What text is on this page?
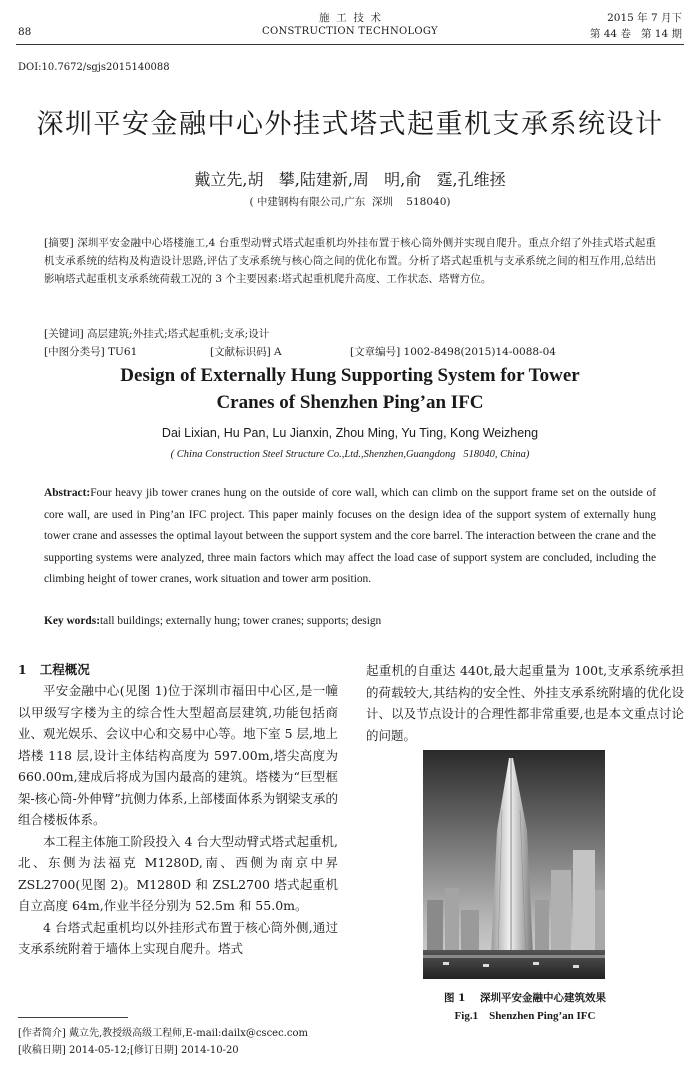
88
施  工  技  术
CONSTRUCTION TECHNOLOGY
2015 年 7 月下
第 44 卷   第 14 期
DOI:10.7672/sgjs2015140088
深圳平安金融中心外挂式塔式起重机支承系统设计
戴立先,胡   攀,陆建新,周   明,俞   霆,孔维拯
( 中建钢构有限公司,广东  深圳    518040)
[摘要] 深圳平安金融中心塔楼施工,4 台重型动臂式塔式起重机均外挂布置于核心筒外侧并实现自爬升。重点介绍了外挂式塔式起重机支承系统的结构及构造设计思路,评估了支承系统与核心筒之间的优化布置。分析了塔式起重机与支承系统之间的相互作用,总结出影响塔式起重机支承系统荷载工况的 3 个主要因素:塔式起重机爬升高度、工作状态、塔臂方位。
[关键词] 高层建筑;外挂式;塔式起重机;支承;设计
[中图分类号] TU61	[文献标识码] A	[文章编号] 1002-8498(2015)14-0088-04
Design of Externally Hung Supporting System for Tower
Cranes of Shenzhen Ping’an IFC
Dai Lixian, Hu Pan, Lu Jianxin, Zhou Ming, Yu Ting, Kong Weizheng
( China Construction Steel Structure Co.,Ltd.,Shenzhen,Guangdong   518040, China)
Abstract:Four heavy jib tower cranes hung on the outside of core wall, which can climb on the support frame set on the outside of core wall, are used in Ping’an IFC project. This paper mainly focuses on the design idea of the support system of externally hung tower crane and assesses the optimal layout between the support system and the core barrel. The interaction between the crane and the supporting systems were analyzed, three main factors which may affect the load case of support system are concluded, including the climbing height of tower cranes, work situation and tower arm position.
Key words:tall buildings; externally hung; tower cranes; supports; design
1   工程概况

平安金融中心(见图 1)位于深圳市福田中心区,是一幢以甲级写字楼为主的综合性大型超高层建筑,功能包括商业、观光娱乐、会议中心和交易中心等。地下室 5 层,地上塔楼 118 层,设计主体结构高度为 597.00m,塔尖高度为 660.00m,建成后将成为国内最高的建筑。塔楼为“巨型框架-核心筒-外伸臂”抗侧力体系,上部楼面体系为钢梁支承的组合楼板体系。

本工程主体施工阶段投入 4 台大型动臂式塔式起重机,北、东侧为法福克 M1280D,南、西侧为南京中昇 ZSL2700(见图 2)。M1280D 和 ZSL2700 塔式起重机自立高度 64m,作业半径分别为 52.5m 和 55.0m。

4 台塔式起重机均以外挂形式布置于核心筒外侧,通过支承系统附着于墙体上实现自爬升。塔式

起重机的自重达 440t,最大起重量为 100t,支承系统承担的荷载较大,其结构的安全性、外挂支承系统附墙的优化设计、以及节点设计的合理性都非常重要,也是本文重点讨论的问题。

图 1    深圳平安金融中心建筑效果
Fig.1    Shenzhen Ping’an IFC
[作者简介] 戴立先,教授级高级工程师,E-mail:dailx@cscec.com
[收稿日期] 2014-05-12;[修订日期] 2014-10-20
